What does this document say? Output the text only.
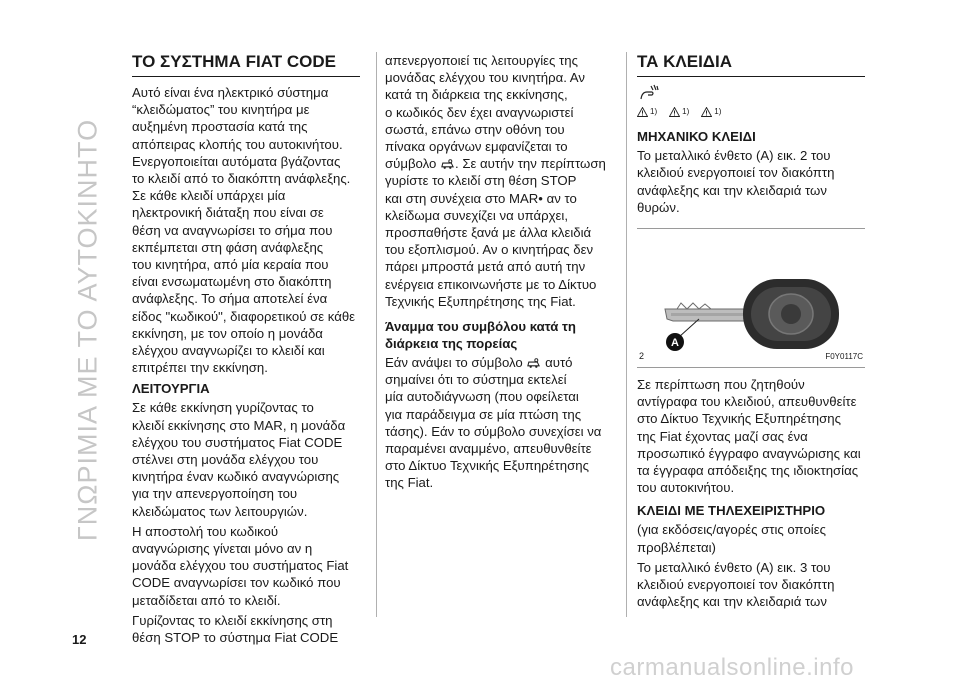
ΓΝΩΡΙΜΙΑ ΜΕ ΤΟ ΑΥΤΟΚΙΝΗΤΟ
ΤΟ ΣΥΣΤΗΜΑ FIAT CODE
Αυτό είναι ένα ηλεκτρικό σύστημα
“κλειδώματος” του κινητήρα με
αυξημένη προστασία κατά της
απόπειρας κλοπής του αυτοκινήτου.
Ενεργοποιείται αυτόματα βγάζοντας
το κλειδί από το διακόπτη ανάφλεξης.
Σε κάθε κλειδί υπάρχει μία
ηλεκτρονική διάταξη που είναι σε
θέση να αναγνωρίσει το σήμα που
εκπέμπεται στη φάση ανάφλεξης
του κινητήρα, από μία κεραία που
είναι ενσωματωμένη στο διακόπτη
ανάφλεξης. Το σήμα αποτελεί ένα
είδος "κωδικού", διαφορετικού σε κάθε
εκκίνηση, με τον οποίο η μονάδα
ελέγχου αναγνωρίζει το κλειδί και
επιτρέπει την εκκίνηση.
ΛΕΙΤΟΥΡΓΙΑ
Σε κάθε εκκίνηση γυρίζοντας το
κλειδί εκκίνησης στο MAR, η μονάδα
ελέγχου του συστήματος Fiat CODE
στέλνει στη μονάδα ελέγχου του
κινητήρα έναν κωδικό αναγνώρισης
για την απενεργοποίηση του
κλειδώματος των λειτουργιών.
Η αποστολή του κωδικού
αναγνώρισης γίνεται μόνο αν η
μονάδα ελέγχου του συστήματος Fiat
CODE αναγνωρίσει τον κωδικό που
μεταδίδεται από το κλειδί.
Γυρίζοντας το κλειδί εκκίνησης στη
θέση STOP το σύστημα Fiat CODE
απενεργοποιεί τις λειτουργίες της
μονάδας ελέγχου του κινητήρα. Αν
κατά τη διάρκεια της εκκίνησης,
ο κωδικός δεν έχει αναγνωριστεί
σωστά, επάνω στην οθόνη του
πίνακα οργάνων εμφανίζεται το
σύμβολο . Σε αυτήν την περίπτωση
γυρίστε το κλειδί στη θέση STOP
και στη συνέχεια στο MAR• αν το
κλείδωμα συνεχίζει να υπάρχει,
προσπαθήστε ξανά με άλλα κλειδιά
του εξοπλισμού. Αν ο κινητήρας δεν
πάρει μπροστά μετά από αυτή την
ενέργεια επικοινωνήστε με το Δίκτυο
Τεχνικής Εξυπηρέτησης της Fiat.
Άναμμα του συμβόλου κατά τη
διάρκεια της πορείας
Εάν ανάψει το σύμβολο αυτό
σημαίνει ότι το σύστημα εκτελεί
μία αυτοδιάγνωση (που οφείλεται
για παράδειγμα σε μία πτώση της
τάσης). Εάν το σύμβολο συνεχίσει να
παραμένει αναμμένο, απευθυνθείτε
στο Δίκτυο Τεχνικής Εξυπηρέτησης
της Fiat.
ΤΑ ΚΛΕΙΔΙΑ
1)	1)	1)
ΜΗΧΑΝΙΚΟ ΚΛΕΙΔΙ
Το μεταλλικό ένθετο (A) εικ. 2 του
κλειδιού ενεργοποιεί τον διακόπτη
ανάφλεξης και την κλειδαριά των
θυρών.
A
2	F0Y0117C
Σε περίπτωση που ζητηθούν
αντίγραφα του κλειδιού, απευθυνθείτε
στο Δίκτυο Τεχνικής Εξυπηρέτησης
της Fiat έχοντας μαζί σας ένα
προσωπικό έγγραφο αναγνώρισης και
τα έγγραφα απόδειξης της ιδιοκτησίας
του αυτοκινήτου.
ΚΛΕΙΔΙ ΜΕ ΤΗΛΕΧΕΙΡΙΣΤΗΡΙΟ
(για εκδόσεις/αγορές στις οποίες
προβλέπεται)
Το μεταλλικό ένθετο (A) εικ. 3 του
κλειδιού ενεργοποιεί τον διακόπτη
ανάφλεξης και την κλειδαριά των
12
carmanualsonline.info
